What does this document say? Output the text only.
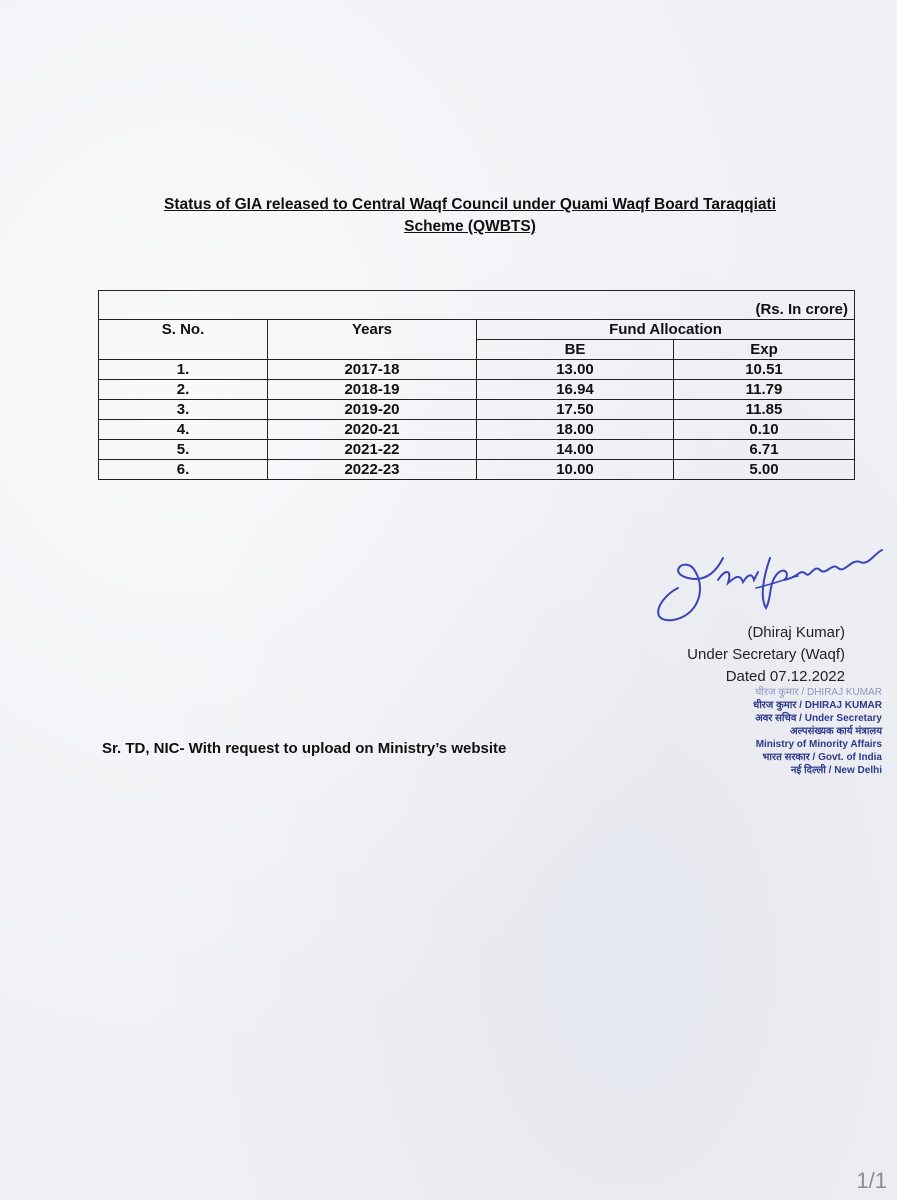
Status of GIA released to Central Waqf Council under Quami Waqf Board Taraqqiati
Scheme (QWBTS)
(Rs. In crore)			
S. No.	Years	Fund Allocation	
		BE	Exp
1.	2017-18	13.00	10.51
2.	2018-19	16.94	11.79
3.	2019-20	17.50	11.85
4.	2020-21	18.00	0.10
5.	2021-22	14.00	6.71
6.	2022-23	10.00	5.00
(Dhiraj Kumar)
Under Secretary (Waqf)
Dated 07.12.2022
धीरज कुमार / DHIRAJ KUMAR
धीरज कुमार / DHIRAJ KUMAR
अवर सचिव / Under Secretary
अल्पसंख्यक कार्य मंत्रालय
Ministry of Minority Affairs
भारत सरकार / Govt. of India
नई दिल्ली / New Delhi
Sr. TD, NIC- With request to upload on Ministry’s website
1/1
